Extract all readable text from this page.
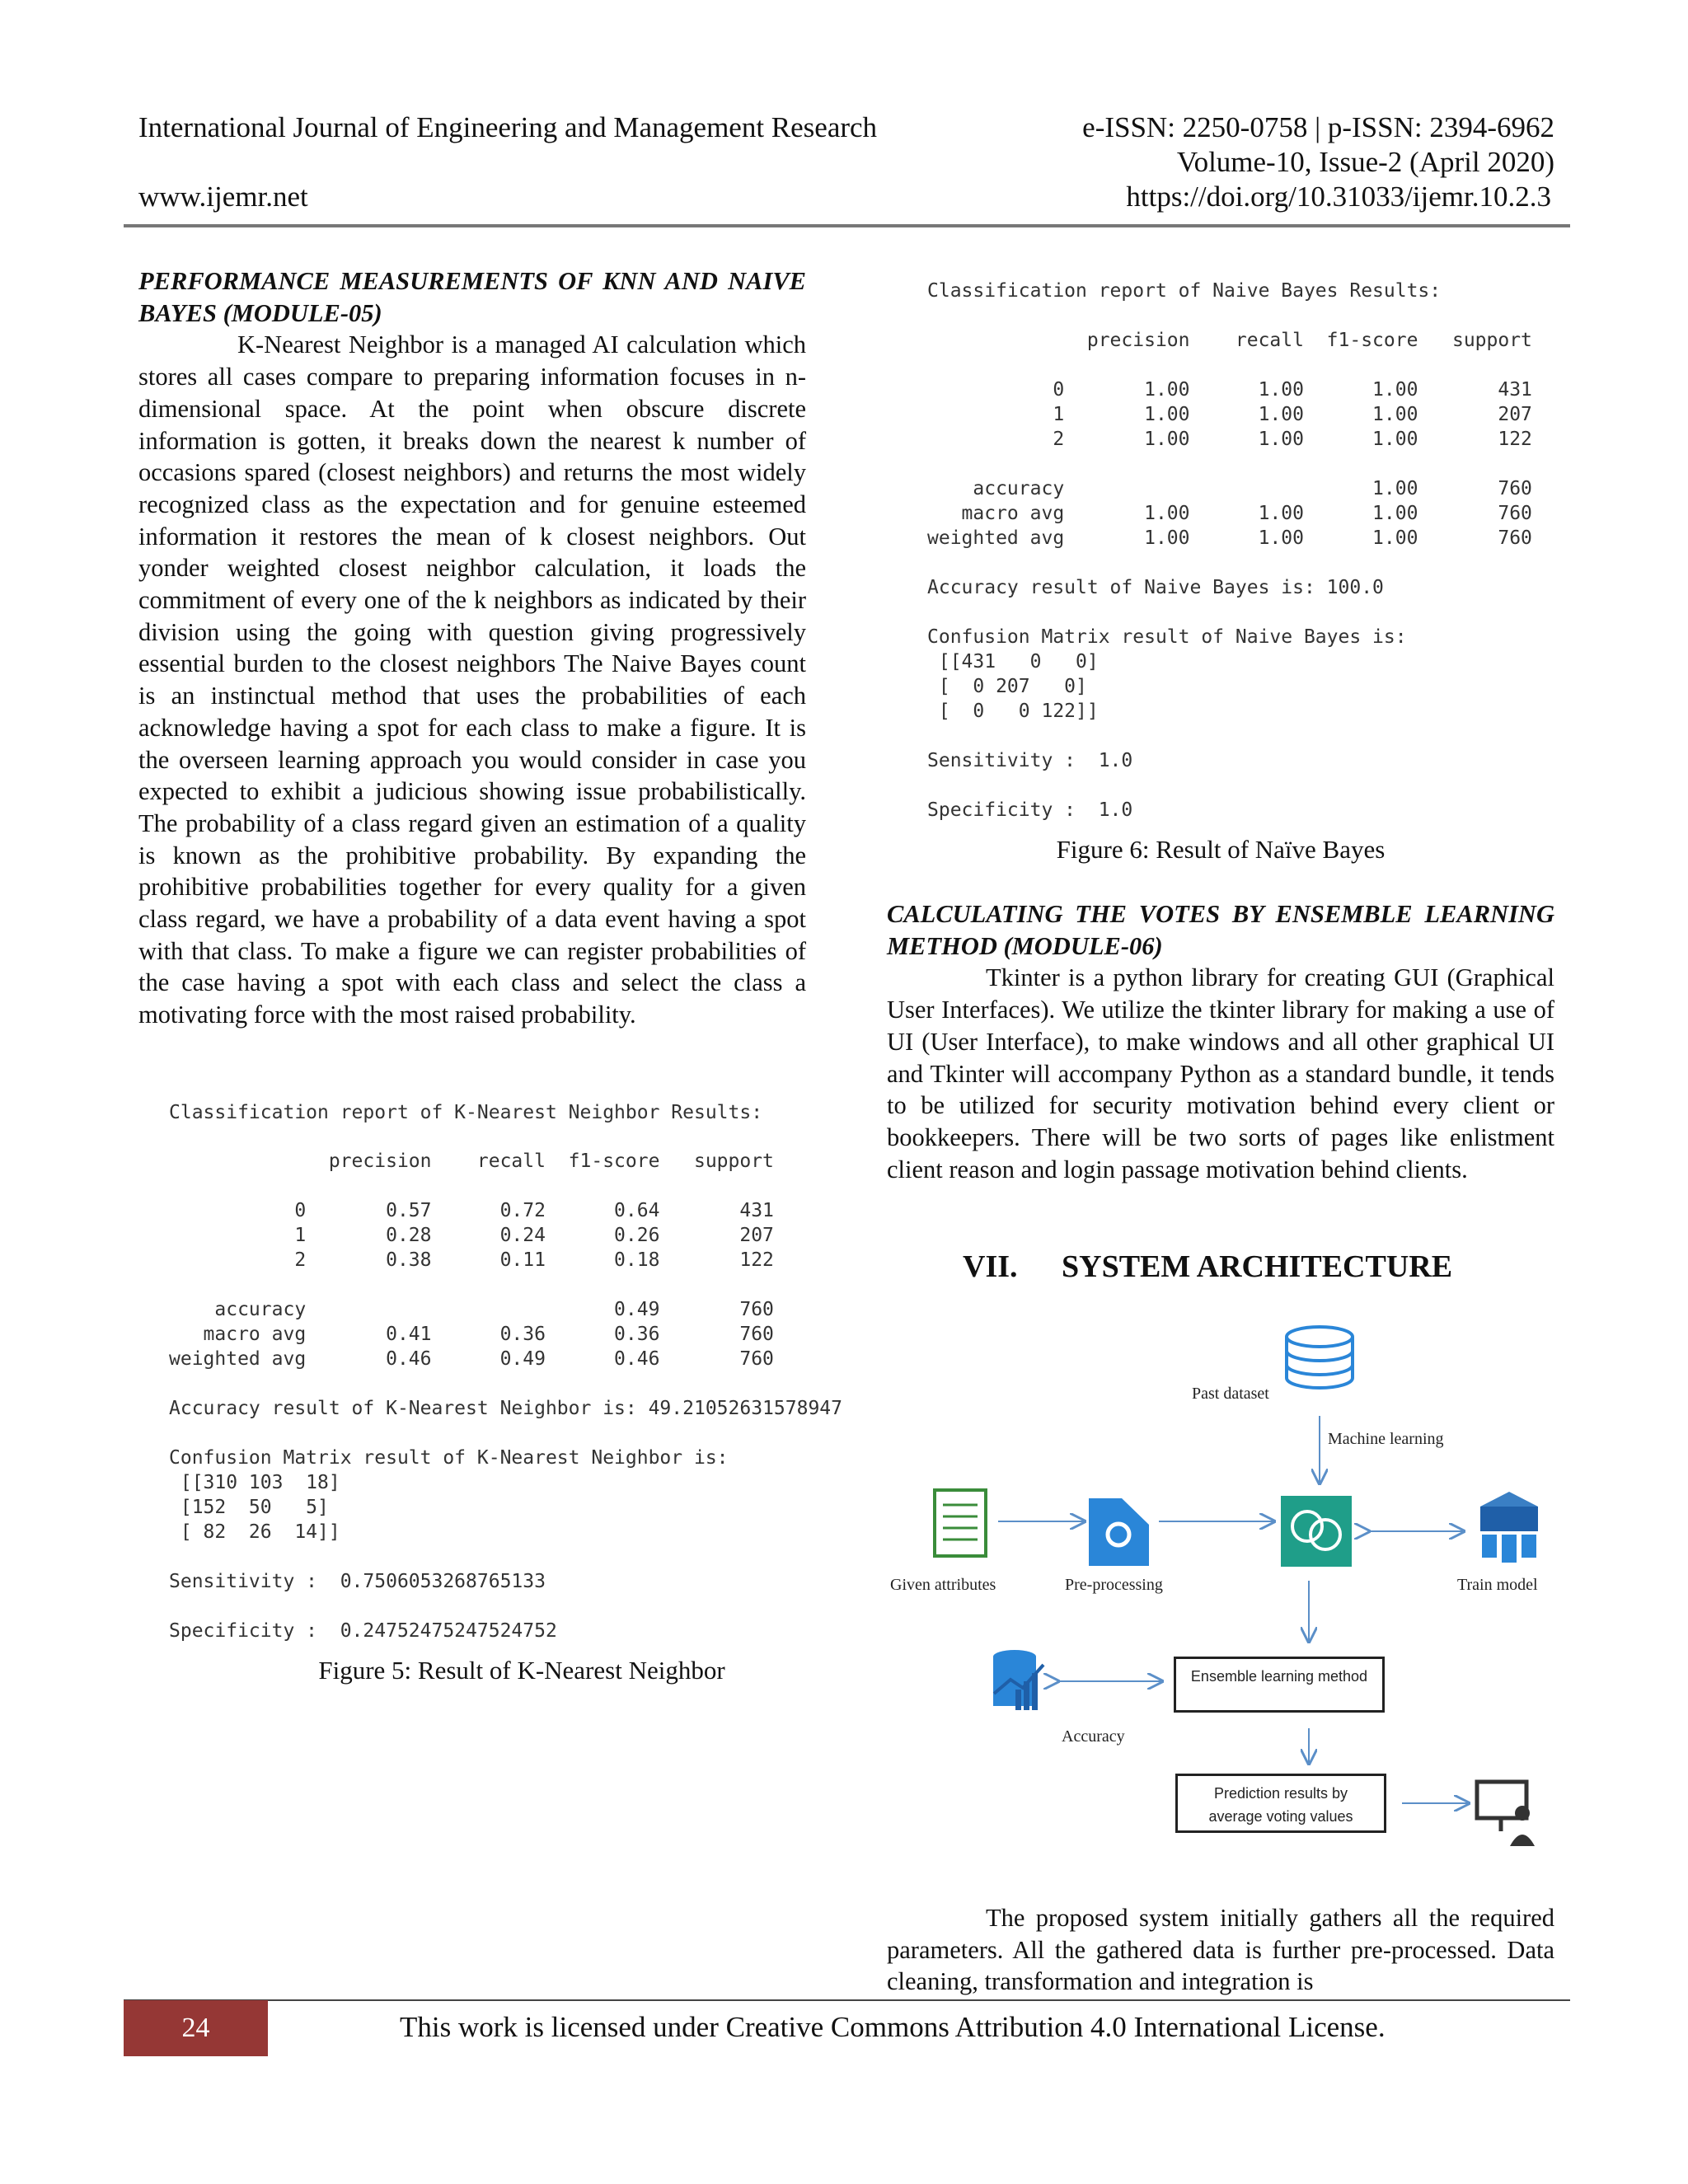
International Journal of Engineering and Management Research	e-ISSN: 2250-0758 | p-ISSN: 2394-6962
Volume-10, Issue-2 (April 2020)
www.ijemr.net	https://doi.org/10.31033/ijemr.10.2.3

PERFORMANCE MEASUREMENTS OF KNN AND NAIVE BAYES (MODULE-05)

K-Nearest Neighbor is a managed AI calculation which stores all cases compare to preparing information focuses in n-dimensional space. At the point when obscure discrete information is gotten, it breaks down the nearest k number of occasions spared (closest neighbors) and returns the most widely recognized class as the expectation and for genuine esteemed information it restores the mean of k closest neighbors. Out yonder weighted closest neighbor calculation, it loads the commitment of every one of the k neighbors as indicated by their division using the going with question giving progressively essential burden to the closest neighbors The Naive Bayes count is an instinctual method that uses the probabilities of each acknowledge having a spot for each class to make a figure. It is the overseen learning approach you would consider in case you expected to exhibit a judicious showing issue probabilistically. The probability of a class regard given an estimation of a quality is known as the prohibitive probability. By expanding the prohibitive probabilities together for every quality for a given class regard, we have a probability of a data event having a spot with that class. To make a figure we can register probabilities of the case having a spot with each class and select the class a motivating force with the most raised probability.

Classification report of K-Nearest Neighbor Results:
precision    recall  f1-score   support
0       0.57      0.72      0.64       431
1       0.28      0.24      0.26       207
2       0.38      0.11      0.18       122
accuracy                           0.49       760
macro avg       0.41      0.36      0.36       760
weighted avg       0.46      0.49      0.46       760
Accuracy result of K-Nearest Neighbor is: 49.21052631578947
Confusion Matrix result of K-Nearest Neighbor is:
[[310 103  18]
[152  50   5]
[ 82  26  14]]
Sensitivity :  0.7506053268765133
Specificity :  0.24752475247524752
Figure 5: Result of K-Nearest Neighbor
Classification report of Naive Bayes Results:
precision    recall  f1-score   support
0       1.00      1.00      1.00       431
1       1.00      1.00      1.00       207
2       1.00      1.00      1.00       122
accuracy                           1.00       760
macro avg       1.00      1.00      1.00       760
weighted avg       1.00      1.00      1.00       760
Accuracy result of Naive Bayes is: 100.0
Confusion Matrix result of Naive Bayes is:
[[431   0   0]
[  0 207   0]
[  0   0 122]]
Sensitivity :  1.0
Specificity :  1.0
Figure 6: Result of Naïve Bayes

CALCULATING THE VOTES BY ENSEMBLE LEARNING METHOD (MODULE-06)

Tkinter is a python library for creating GUI (Graphical User Interfaces). We utilize the tkinter library for making a use of UI (User Interface), to make windows and all other graphical UI and Tkinter will accompany Python as a standard bundle, it tends to be utilized for security motivation behind every client or bookkeepers. There will be two sorts of pages like enlistment client reason and login passage motivation behind clients.

VII. SYSTEM ARCHITECTURE
Past dataset
Machine learning
Given attributes	Pre-processing	Train model
Ensemble learning method
Accuracy
Prediction results by
average voting values

The proposed system initially gathers all the required parameters. All the gathered data is further pre-processed. Data cleaning, transformation and integration is

24	This work is licensed under Creative Commons Attribution 4.0 International License.
